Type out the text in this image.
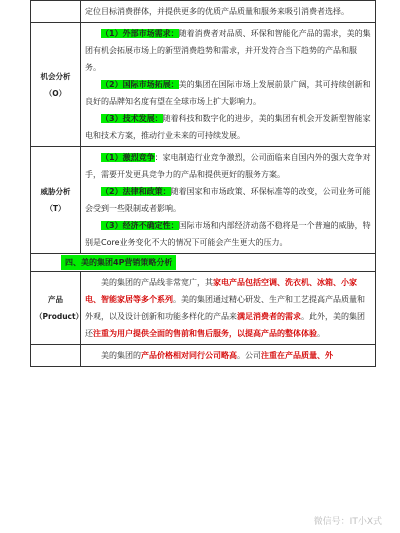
	定位目标消费群体，并提供更多的优质产品质量和服务来吸引消费者选择。

机会分析（O）	（1）外部市场需求：随着消费者对品质、环保和智能化产品的需求，美的集团有机会拓展市场上的新型消费趋势和需求，并开发符合当下趋势的产品和服务。

（2）国际市场拓展：美的集团在国际市场上发展前景广阔，其可持续创新和良好的品牌知名度有望在全球市场上扩大影响力。

（3）技术发展：随着科技和数字化的进步，美的集团有机会开发新型智能家电和技术方案，推动行业未来的可持续发展。

威胁分析（T）	（1）激烈竞争：家电制造行业竞争激烈，公司面临来自国内外的强大竞争对手，需要开发更具竞争力的产品和提供更好的服务方案。

（2）法律和政策：随着国家和市场政策、环保标准等的改变，公司业务可能会受到一些限制或者影响。

（3）经济不确定性：国际市场和内部经济动荡不稳将是一个普遍的威胁，特别是Core业务变化不大的情况下可能会产生更大的压力。

四、美的集团4P营销策略分析	
产品（Product）	美的集团的产品线非常宽广，其家电产品包括空调、洗衣机、冰箱、小家电、智能家居等多个系列。美的集团通过精心研发、生产和工艺提高产品质量和外观，以及设计创新和功能多样化的产品来满足消费者的需求。此外，美的集团还注重为用户提供全面的售前和售后服务，以提高产品的整体体验。

	美的集团的产品价格相对同行公司略高。公司注重在产品质量、外

微信号：IT小X式
